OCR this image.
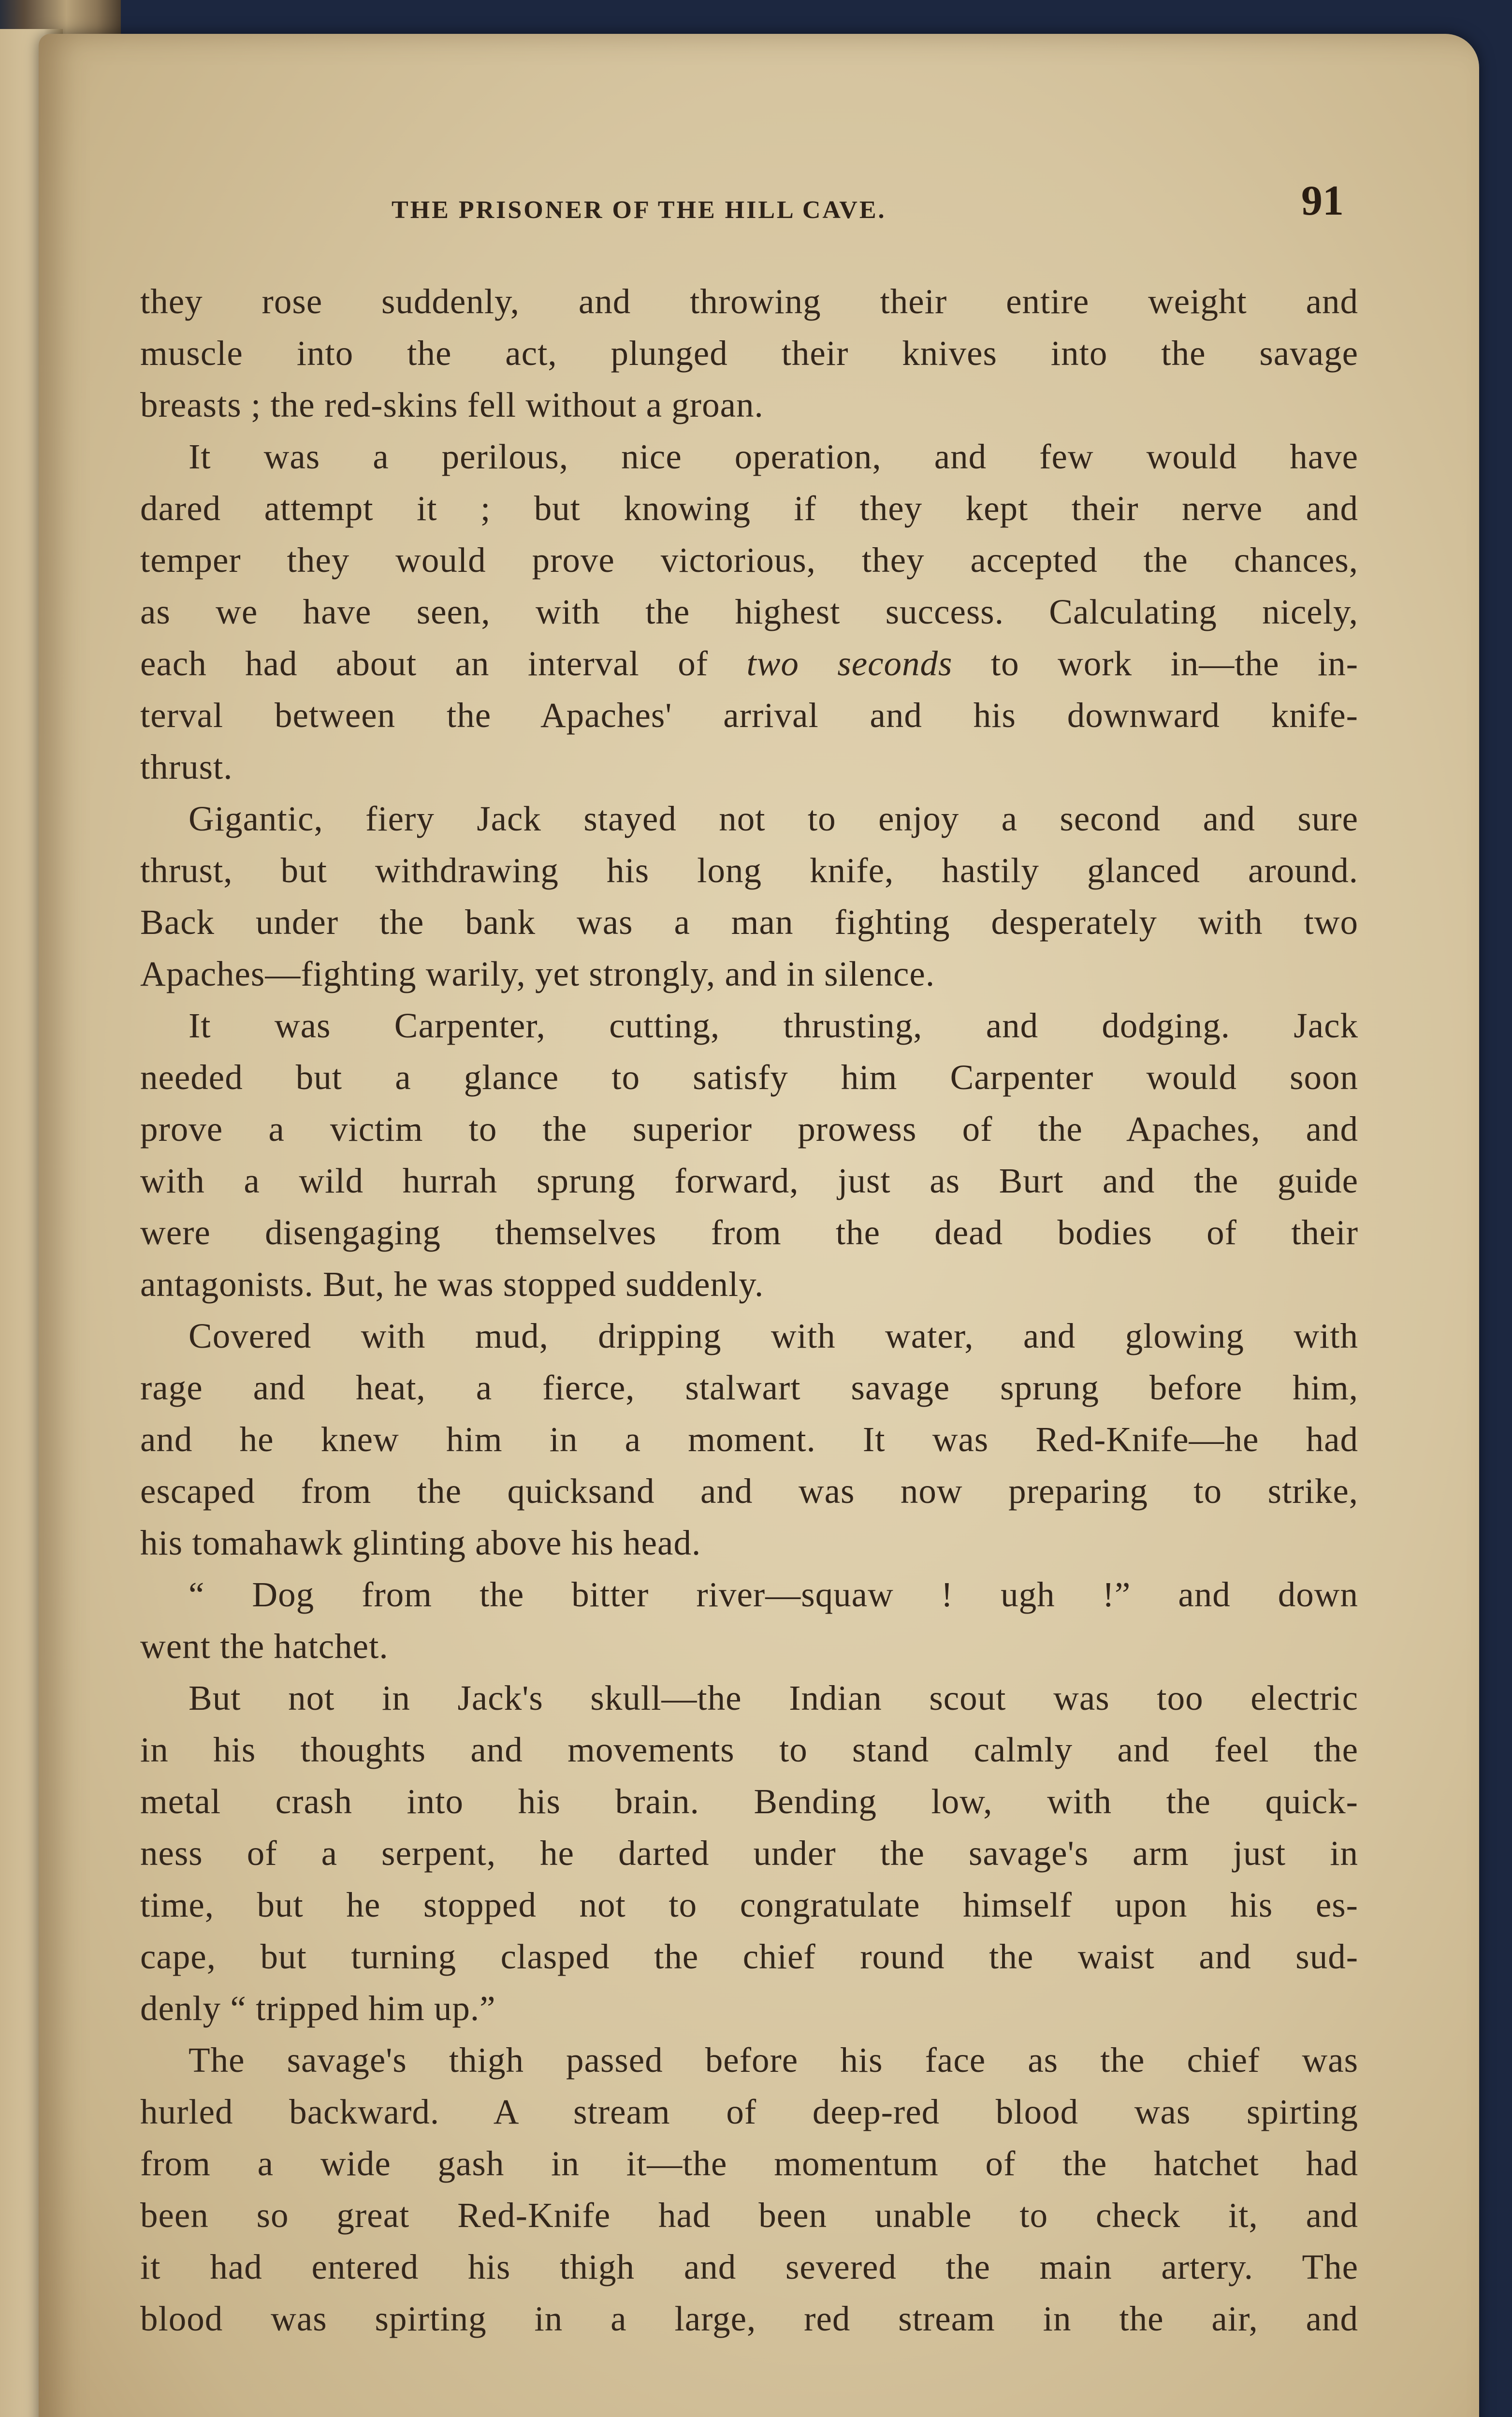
THE PRISONER OF THE HILL CAVE.	91
they rose suddenly, and throwing their entire weight and
muscle into the act, plunged their knives into the savage
breasts ; the red-skins fell without a groan.
It was a perilous, nice operation, and few would have
dared attempt it ; but knowing if they kept their nerve and
temper they would prove victorious, they accepted the chances,
as we have seen, with the highest success. Calculating nicely,
each had about an interval of two seconds to work in—the in-
terval between the Apaches' arrival and his downward knife-
thrust.
Gigantic, fiery Jack stayed not to enjoy a second and sure
thrust, but withdrawing his long knife, hastily glanced around.
Back under the bank was a man fighting desperately with two
Apaches—fighting warily, yet strongly, and in silence.
It was Carpenter, cutting, thrusting, and dodging. Jack
needed but a glance to satisfy him Carpenter would soon
prove a victim to the superior prowess of the Apaches, and
with a wild hurrah sprung forward, just as Burt and the guide
were disengaging themselves from the dead bodies of their
antagonists. But, he was stopped suddenly.
Covered with mud, dripping with water, and glowing with
rage and heat, a fierce, stalwart savage sprung before him,
and he knew him in a moment. It was Red-Knife—he had
escaped from the quicksand and was now preparing to strike,
his tomahawk glinting above his head.
“ Dog from the bitter river—squaw ! ugh !” and down
went the hatchet.
But not in Jack's skull—the Indian scout was too electric
in his thoughts and movements to stand calmly and feel the
metal crash into his brain. Bending low, with the quick-
ness of a serpent, he darted under the savage's arm just in
time, but he stopped not to congratulate himself upon his es-
cape, but turning clasped the chief round the waist and sud-
denly “ tripped him up.”
The savage's thigh passed before his face as the chief was
hurled backward. A stream of deep-red blood was spirting
from a wide gash in it—the momentum of the hatchet had
been so great Red-Knife had been unable to check it, and
it had entered his thigh and severed the main artery. The
blood was spirting in a large, red stream in the air, and
